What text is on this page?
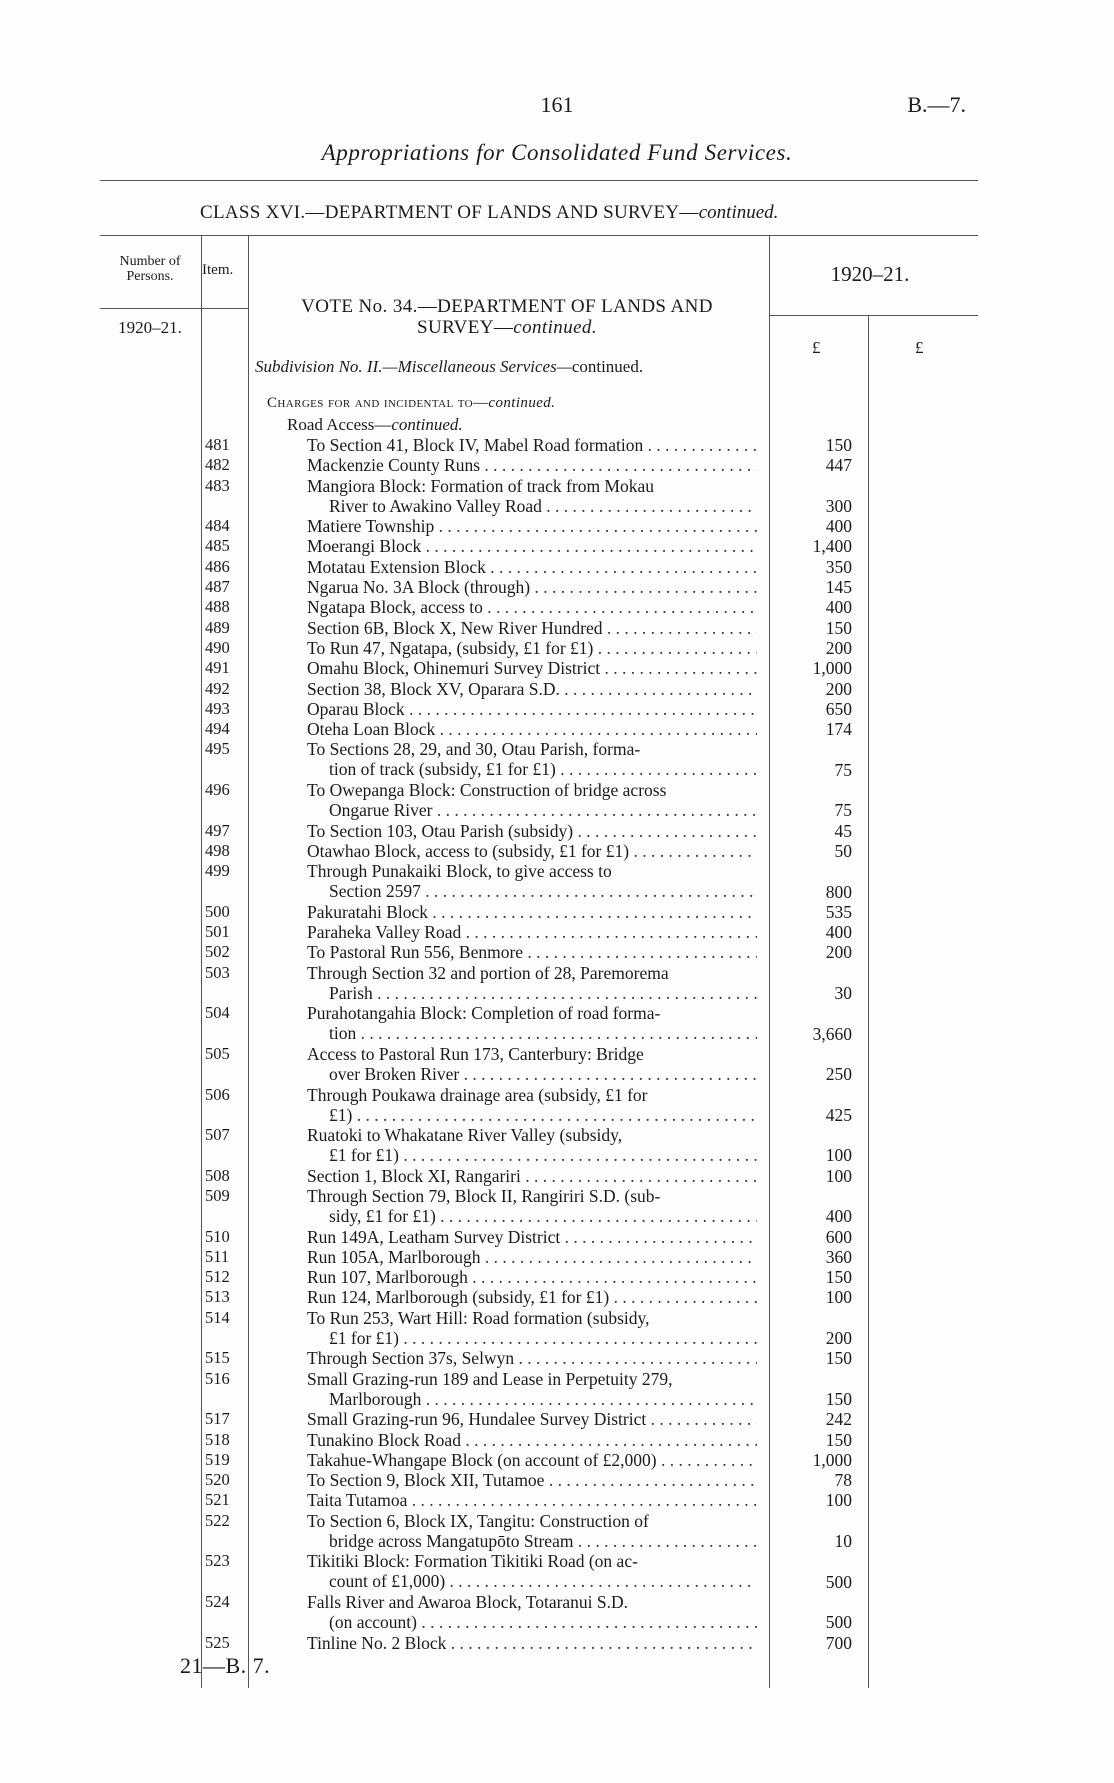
161	B.—7.
Appropriations for Consolidated Fund Services.
CLASS XVI.—DEPARTMENT OF LANDS AND SURVEY—continued.
Number of Persons.	Item.
1920–21.
1920–21.
£	£
VOTE No. 34.—DEPARTMENT OF LANDS AND
SURVEY—continued.
Subdivision No. II.—Miscellaneous Services—continued.
Charges for and incidental to—continued.
Road Access—continued.
481	To Section 41, Block IV, Mabel Road formation . . .	150
482	Mackenzie County Runs . . .	447
483	Mangiora Block: Formation of track from Mokau
River to Awakino Valley Road . . .	300
484	Matiere Township . . .	400
485	Moerangi Block . . .	1,400
486	Motatau Extension Block . . .	350
487	Ngarua No. 3A Block (through) . . .	145
488	Ngatapa Block, access to . . .	400
489	Section 6B, Block X, New River Hundred . . .	150
490	To Run 47, Ngatapa, (subsidy, £1 for £1) . . .	200
491	Omahu Block, Ohinemuri Survey District . . .	1,000
492	Section 38, Block XV, Oparara S.D. . . .	200
493	Oparau Block . . .	650
494	Oteha Loan Block . . .	174
495	To Sections 28, 29, and 30, Otau Parish, forma-
tion of track (subsidy, £1 for £1) . . .	75
496	To Owepanga Block: Construction of bridge across
Ongarue River . . .	75
497	To Section 103, Otau Parish (subsidy) . . .	45
498	Otawhao Block, access to (subsidy, £1 for £1) . . .	50
499	Through Punakaiki Block, to give access to
Section 2597 . . .	800
500	Pakuratahi Block . . .	535
501	Paraheka Valley Road . . .	400
502	To Pastoral Run 556, Benmore . . .	200
503	Through Section 32 and portion of 28, Paremorema
Parish . . .	30
504	Purahotangahia Block: Completion of road forma-
tion . . .	3,660
505	Access to Pastoral Run 173, Canterbury: Bridge
over Broken River . . .	250
506	Through Poukawa drainage area (subsidy, £1 for
£1) . . .	425
507	Ruatoki to Whakatane River Valley (subsidy,
£1 for £1) . . .	100
508	Section 1, Block XI, Rangariri . . .	100
509	Through Section 79, Block II, Rangiriri S.D. (sub-
sidy, £1 for £1) . . .	400
510	Run 149A, Leatham Survey District . . .	600
511	Run 105A, Marlborough . . .	360
512	Run 107, Marlborough . . .	150
513	Run 124, Marlborough (subsidy, £1 for £1) . . .	100
514	To Run 253, Wart Hill: Road formation (subsidy,
£1 for £1) . . .	200
515	Through Section 37s, Selwyn . . .	150
516	Small Grazing-run 189 and Lease in Perpetuity 279,
Marlborough . . .	150
517	Small Grazing-run 96, Hundalee Survey District . . .	242
518	Tunakino Block Road . . .	150
519	Takahue-Whangape Block (on account of £2,000) . . .	1,000
520	To Section 9, Block XII, Tutamoe . . .	78
521	Taita Tutamoa . . .	100
522	To Section 6, Block IX, Tangitu: Construction of
bridge across Mangatupōto Stream . . .	10
523	Tikitiki Block: Formation Tikitiki Road (on ac-
count of £1,000) . . .	500
524	Falls River and Awaroa Block, Totaranui S.D.
(on account) . . .	500
525	Tinline No. 2 Block . . .	700
21—B. 7.
